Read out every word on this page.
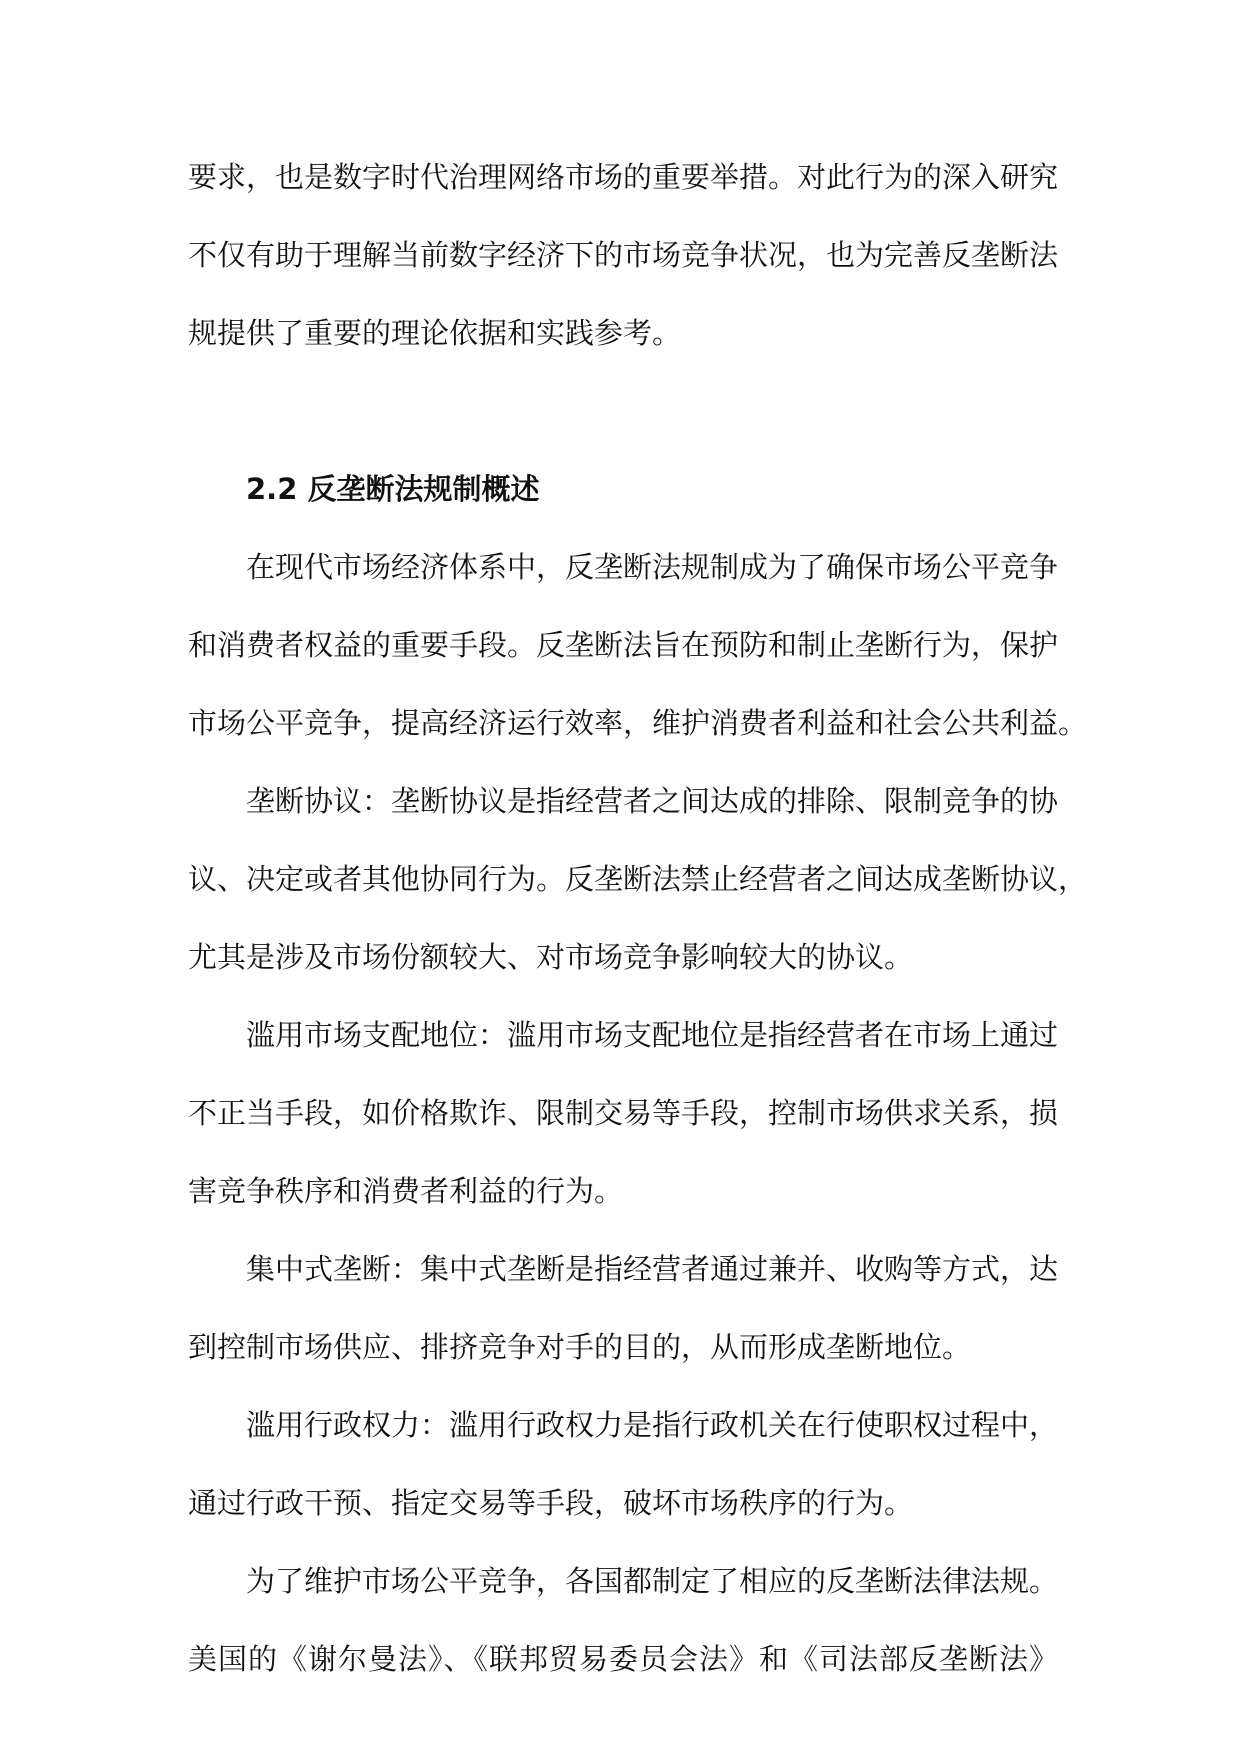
要求，也是数字时代治理网络市场的重要举措。对此行为的深入研究
不仅有助于理解当前数字经济下的市场竞争状况，也为完善反垄断法
规提供了重要的理论依据和实践参考。
2.2 反垄断法规制概述
在现代市场经济体系中，反垄断法规制成为了确保市场公平竞争
和消费者权益的重要手段。反垄断法旨在预防和制止垄断行为，保护
市场公平竞争，提高经济运行效率，维护消费者利益和社会公共利益。
垄断协议：垄断协议是指经营者之间达成的排除、限制竞争的协
议、决定或者其他协同行为。反垄断法禁止经营者之间达成垄断协议，
尤其是涉及市场份额较大、对市场竞争影响较大的协议。
滥用市场支配地位：滥用市场支配地位是指经营者在市场上通过
不正当手段，如价格欺诈、限制交易等手段，控制市场供求关系，损
害竞争秩序和消费者利益的行为。
集中式垄断：集中式垄断是指经营者通过兼并、收购等方式，达
到控制市场供应、排挤竞争对手的目的，从而形成垄断地位。
滥用行政权力：滥用行政权力是指行政机关在行使职权过程中，
通过行政干预、指定交易等手段，破坏市场秩序的行为。
为了维护市场公平竞争，各国都制定了相应的反垄断法律法规。
美国的《谢尔曼法》、《联邦贸易委员会法》和《司法部反垄断法》
